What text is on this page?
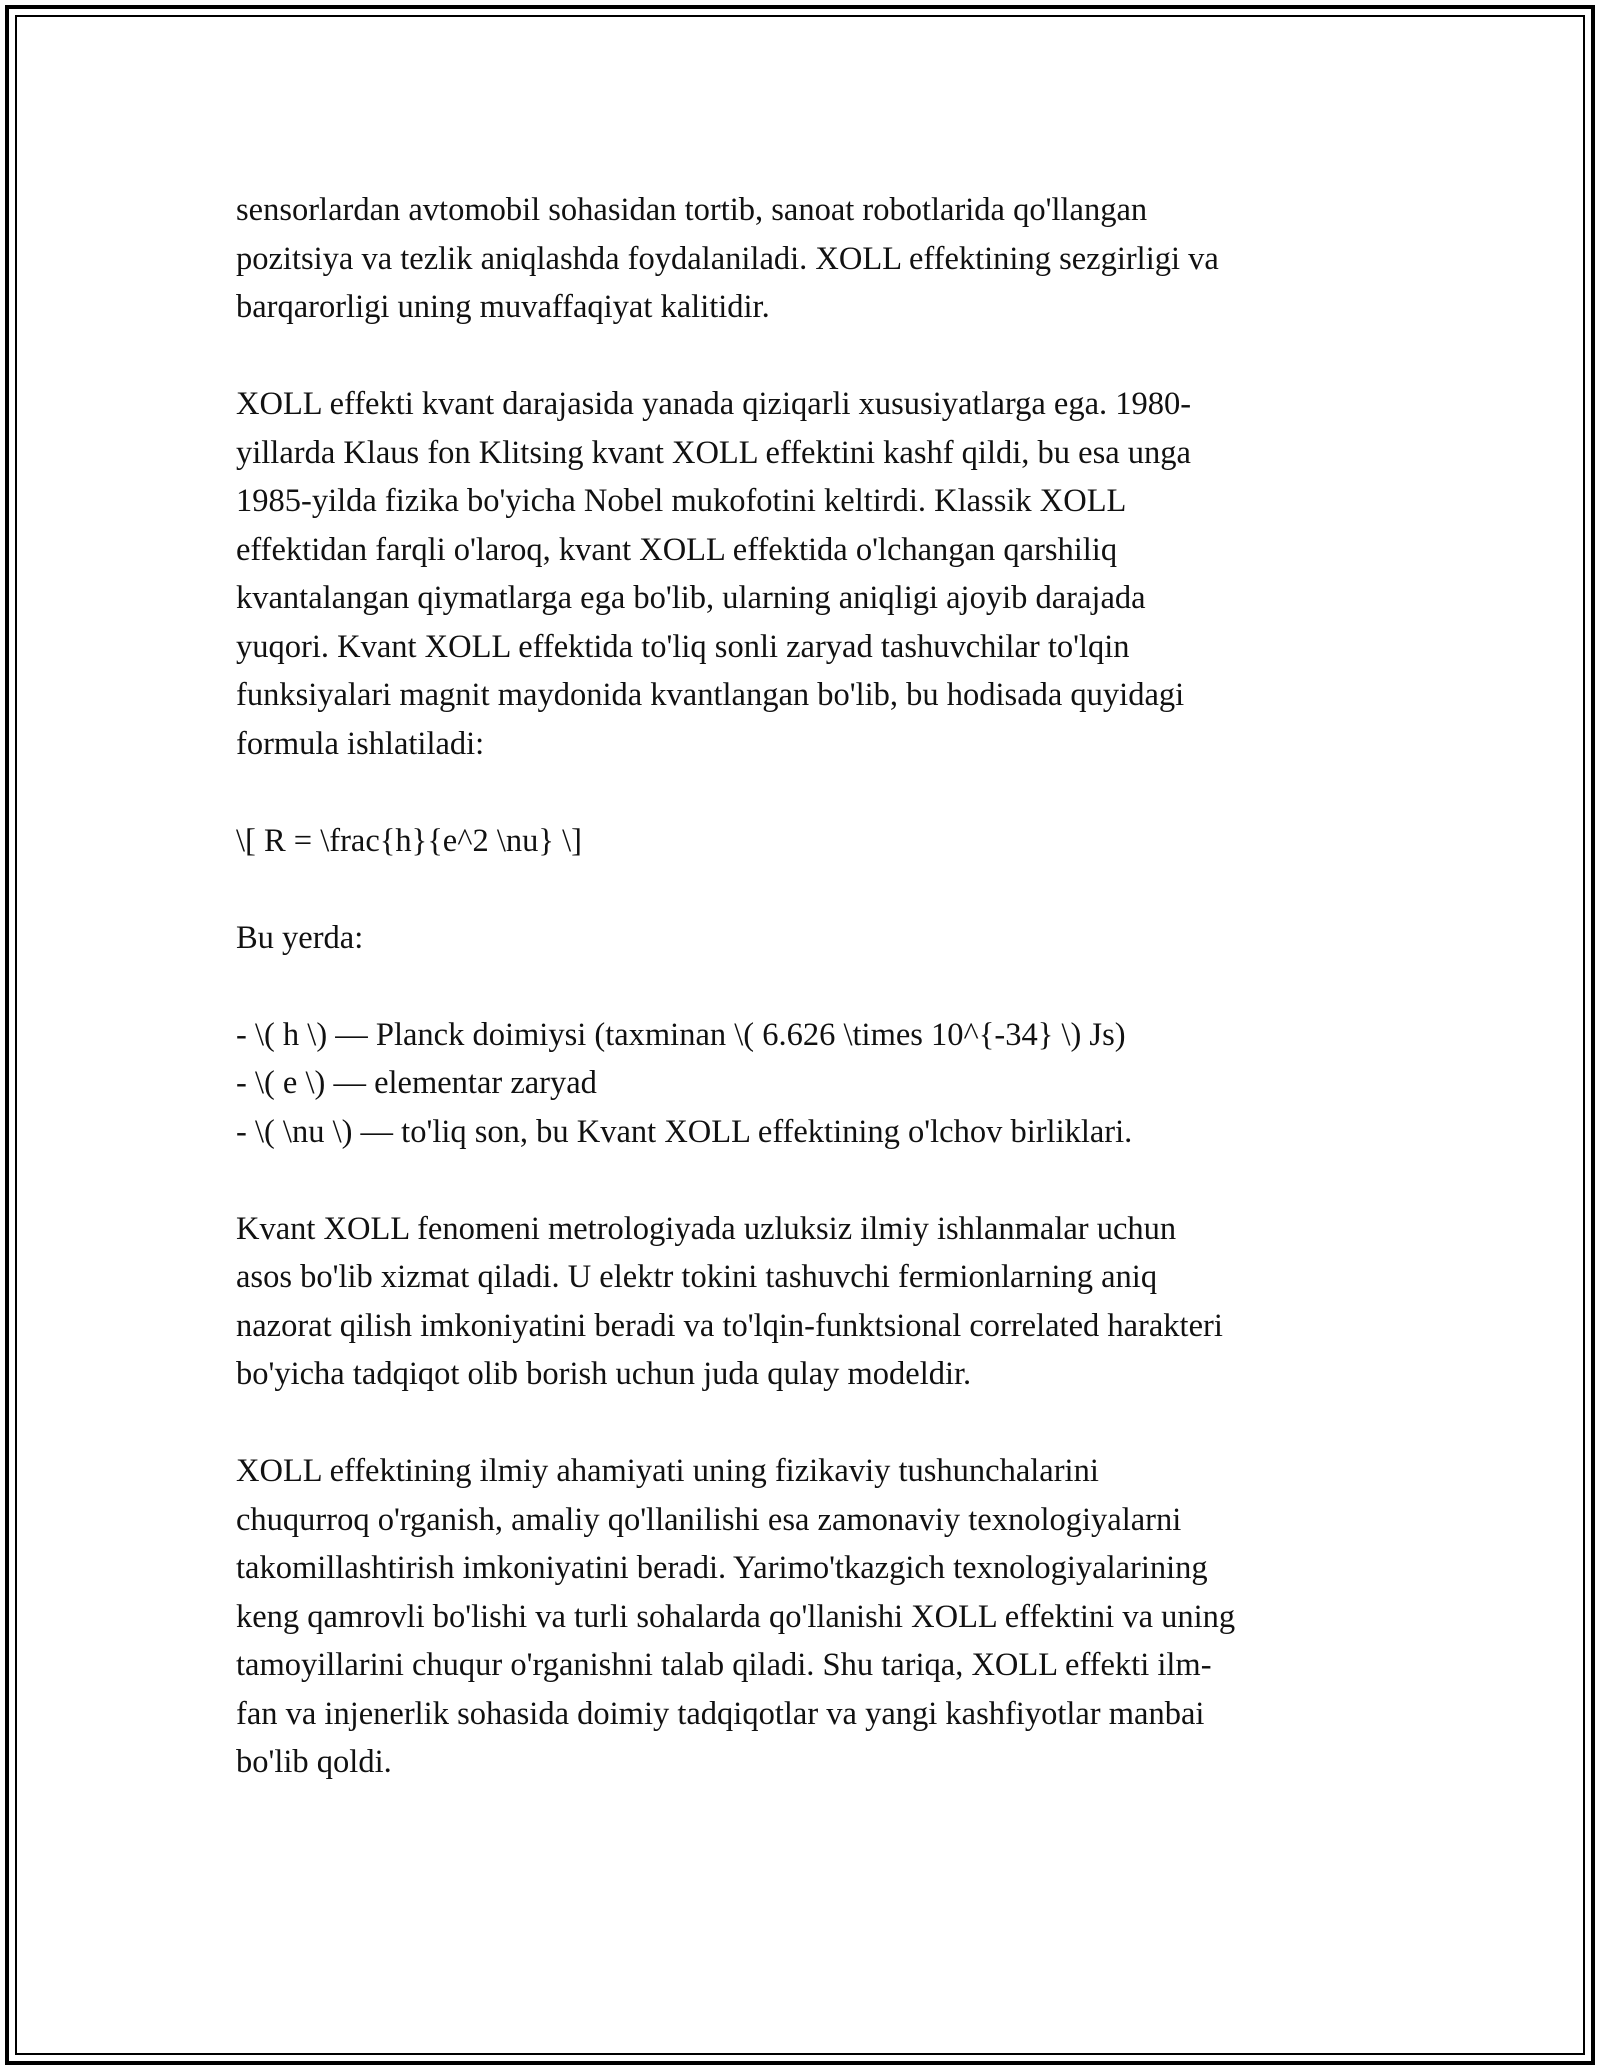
sensorlardan avtomobil sohasidan tortib, sanoat robotlarida qo'llangan
pozitsiya va tezlik aniqlashda foydalaniladi. XOLL effektining sezgirligi va
barqarorligi uning muvaffaqiyat kalitidir.

XOLL effekti kvant darajasida yanada qiziqarli xususiyatlarga ega. 1980-
yillarda Klaus fon Klitsing kvant XOLL effektini kashf qildi, bu esa unga
1985-yilda fizika bo'yicha Nobel mukofotini keltirdi. Klassik XOLL
effektidan farqli o'laroq, kvant XOLL effektida o'lchangan qarshiliq
kvantalangan qiymatlarga ega bo'lib, ularning aniqligi ajoyib darajada
yuqori. Kvant XOLL effektida to'liq sonli zaryad tashuvchilar to'lqin
funksiyalari magnit maydonida kvantlangan bo'lib, bu hodisada quyidagi
formula ishlatiladi:

\[ R = \frac{h}{e^2 \nu} \]

Bu yerda:

- \( h \) — Planck doimiysi (taxminan \( 6.626 \times 10^{-34} \) Js)
- \( e \) — elementar zaryad
- \( \nu \) — to'liq son, bu Kvant XOLL effektining o'lchov birliklari.

Kvant XOLL fenomeni metrologiyada uzluksiz ilmiy ishlanmalar uchun
asos bo'lib xizmat qiladi. U elektr tokini tashuvchi fermionlarning aniq
nazorat qilish imkoniyatini beradi va to'lqin-funktsional correlated harakteri
bo'yicha tadqiqot olib borish uchun juda qulay modeldir.

XOLL effektining ilmiy ahamiyati uning fizikaviy tushunchalarini
chuqurroq o'rganish, amaliy qo'llanilishi esa zamonaviy texnologiyalarni
takomillashtirish imkoniyatini beradi. Yarimo'tkazgich texnologiyalarining
keng qamrovli bo'lishi va turli sohalarda qo'llanishi XOLL effektini va uning
tamoyillarini chuqur o'rganishni talab qiladi. Shu tariqa, XOLL effekti ilm-
fan va injenerlik sohasida doimiy tadqiqotlar va yangi kashfiyotlar manbai
bo'lib qoldi.
